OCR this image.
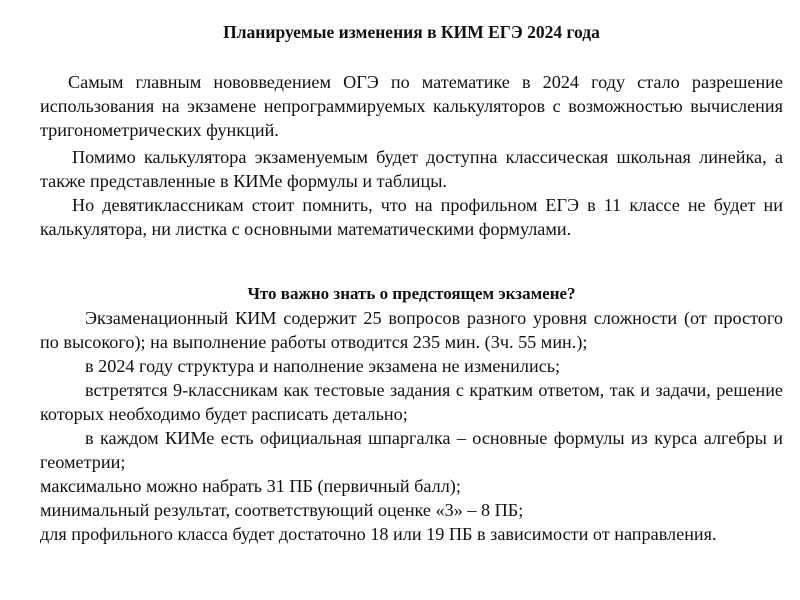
Планируемые изменения в КИМ ЕГЭ 2024 года

Самым главным нововведением ОГЭ по математике в 2024 году стало разрешение использования на экзамене непрограммируемых калькуляторов с возможностью вычисления тригонометрических функций.

Помимо калькулятора экзаменуемым будет доступна классическая школьная линейка, а также представленные в КИМе формулы и таблицы.

Но девятиклассникам стоит помнить, что на профильном ЕГЭ в 11 классе не будет ни калькулятора, ни листка с основными математическими формулами.

Что важно знать о предстоящем экзамене?

Экзаменационный КИМ содержит 25 вопросов разного уровня сложности (от простого по высокого); на выполнение работы отводится 235 мин. (3ч. 55 мин.);

в 2024 году структура и наполнение экзамена не изменились;

встретятся 9-классникам как тестовые задания с кратким ответом, так и задачи, решение которых необходимо будет расписать детально;

в каждом КИМе есть официальная шпаргалка – основные формулы из курса алгебры и геометрии;

максимально можно набрать 31 ПБ (первичный балл);

минимальный результат, соответствующий оценке «3» – 8 ПБ;

для профильного класса будет достаточно 18 или 19 ПБ в зависимости от направления.
